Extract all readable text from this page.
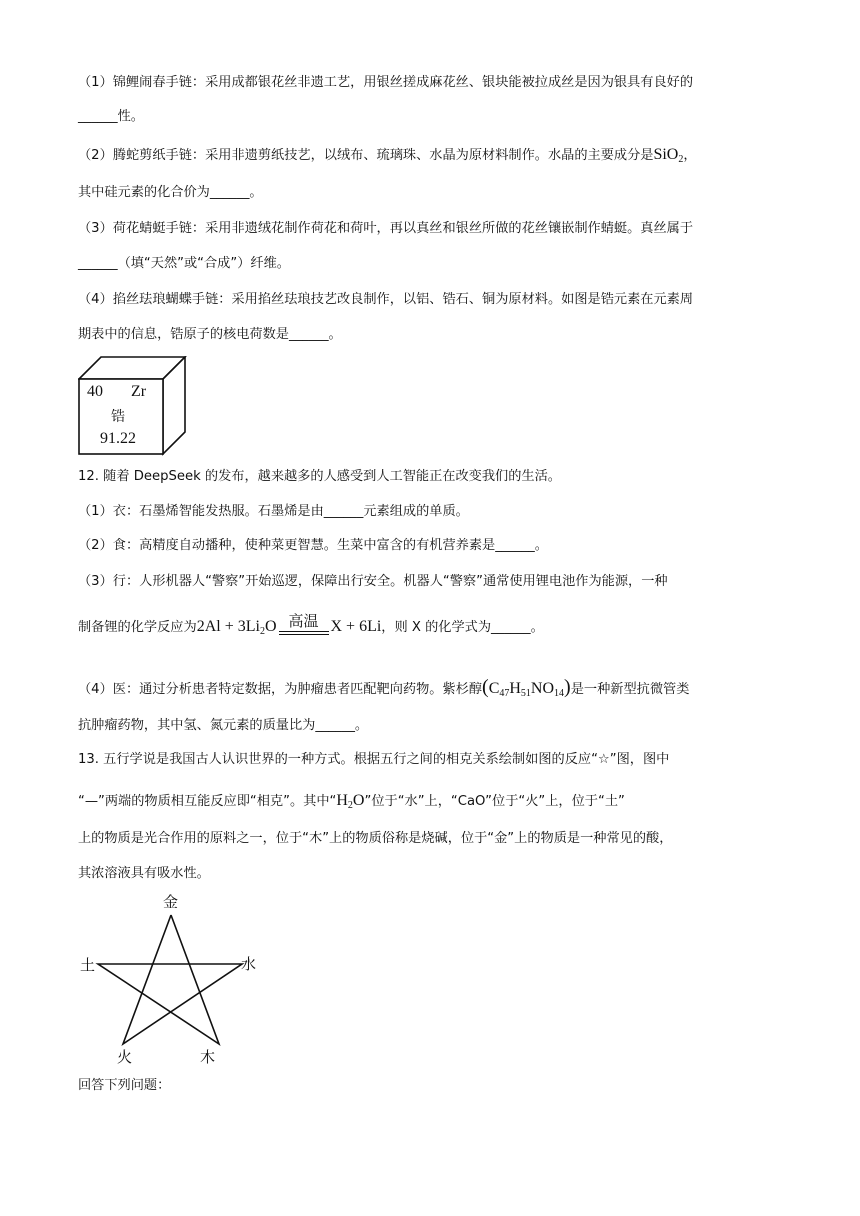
（1）锦鲤闹春手链：采用成都银花丝非遗工艺，用银丝搓成麻花丝、银块能被拉成丝是因为银具有良好的
______性。
（2）腾蛇剪纸手链：采用非遗剪纸技艺，以绒布、琉璃珠、水晶为原材料制作。水晶的主要成分是SiO$_2$，
其中硅元素的化合价为______。
（3）荷花蜻蜓手链：采用非遗绒花制作荷花和荷叶，再以真丝和银丝所做的花丝镶嵌制作蜻蜓。真丝属于
______（填“天然”或“合成”）纤维。
（4）掐丝珐琅蝴蝶手链：采用掐丝珐琅技艺改良制作，以铝、锆石、铜为原材料。如图是锆元素在元素周
期表中的信息，锆原子的核电荷数是______。
40 Zr
锆
91.22
12. 随着 DeepSeek 的发布，越来越多的人感受到人工智能正在改变我们的生活。
（1）衣：石墨烯智能发热服。石墨烯是由______元素组成的单质。
（2）食：高精度自动播种，使种菜更智慧。生菜中富含的有机营养素是______。
（3）行：人形机器人“警察”开始巡逻，保障出行安全。机器人“警察”通常使用锂电池作为能源，一种
制备锂的化学反应为$2Al + 3Li_2O$ 高温 X + 6Li，则 X 的化学式为______。
（4）医：通过分析患者特定数据，为肿瘤患者匹配靶向药物。紫杉醇$(C_{47}H_{51}NO_{14})$是一种新型抗微管类
抗肿瘤药物，其中氢、氮元素的质量比为______。
13. 五行学说是我国古人认识世界的一种方式。根据五行之间的相克关系绘制如图的反应“☆”图，图中
“—”两端的物质相互能反应即“相克”。其中“$H_2O$”位于“水”上，“CaO”位于“火”上，位于“土”
上的物质是光合作用的原料之一，位于“木”上的物质俗称是烧碱，位于“金”上的物质是一种常见的酸，
其浓溶液具有吸水性。
金
土	水
火	木
回答下列问题：
